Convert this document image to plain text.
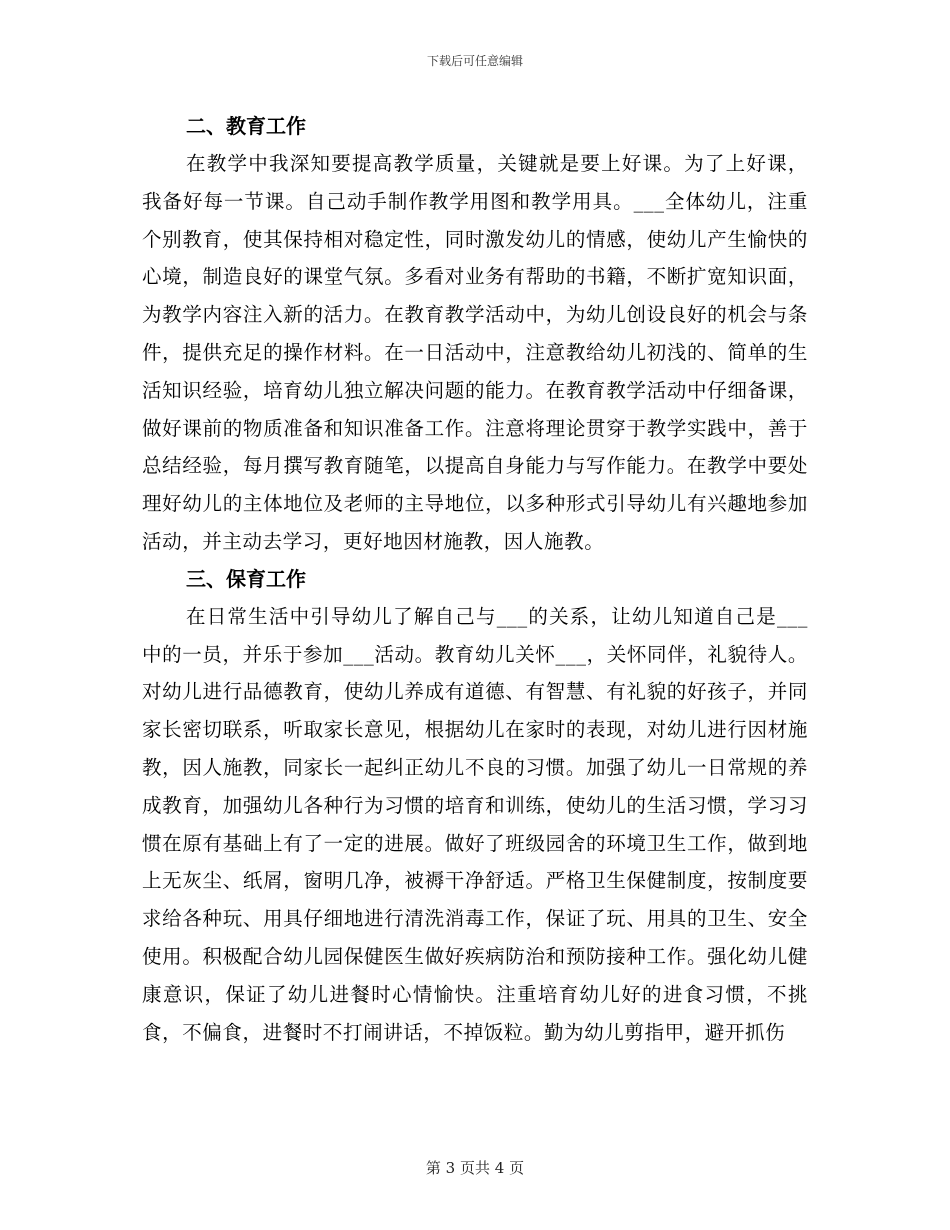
下载后可任意编辑
二、教育工作

在教学中我深知要提高教学质量，关键就是要上好课。为了上好课，我备好每一节课。自己动手制作教学用图和教学用具。___全体幼儿，注重个别教育，使其保持相对稳定性，同时激发幼儿的情感，使幼儿产生愉快的心境，制造良好的课堂气氛。多看对业务有帮助的书籍，不断扩宽知识面，为教学内容注入新的活力。在教育教学活动中，为幼儿创设良好的机会与条件，提供充足的操作材料。在一日活动中，注意教给幼儿初浅的、简单的生活知识经验，培育幼儿独立解决问题的能力。在教育教学活动中仔细备课，做好课前的物质准备和知识准备工作。注意将理论贯穿于教学实践中，善于总结经验，每月撰写教育随笔，以提高自身能力与写作能力。在教学中要处理好幼儿的主体地位及老师的主导地位，以多种形式引导幼儿有兴趣地参加活动，并主动去学习，更好地因材施教，因人施教。

三、保育工作

在日常生活中引导幼儿了解自己与___的关系，让幼儿知道自己是___中的一员，并乐于参加___活动。教育幼儿关怀___，关怀同伴，礼貌待人。对幼儿进行品德教育，使幼儿养成有道德、有智慧、有礼貌的好孩子，并同家长密切联系，听取家长意见，根据幼儿在家时的表现，对幼儿进行因材施教，因人施教，同家长一起纠正幼儿不良的习惯。加强了幼儿一日常规的养成教育，加强幼儿各种行为习惯的培育和训练，使幼儿的生活习惯，学习习惯在原有基础上有了一定的进展。做好了班级园舍的环境卫生工作，做到地上无灰尘、纸屑，窗明几净，被褥干净舒适。严格卫生保健制度，按制度要求给各种玩、用具仔细地进行清洗消毒工作，保证了玩、用具的卫生、安全使用。积极配合幼儿园保健医生做好疾病防治和预防接种工作。强化幼儿健康意识，保证了幼儿进餐时心情愉快。注重培育幼儿好的进食习惯，不挑食，不偏食，进餐时不打闹讲话，不掉饭粒。勤为幼儿剪指甲，避开抓伤

第 3 页共 4 页
